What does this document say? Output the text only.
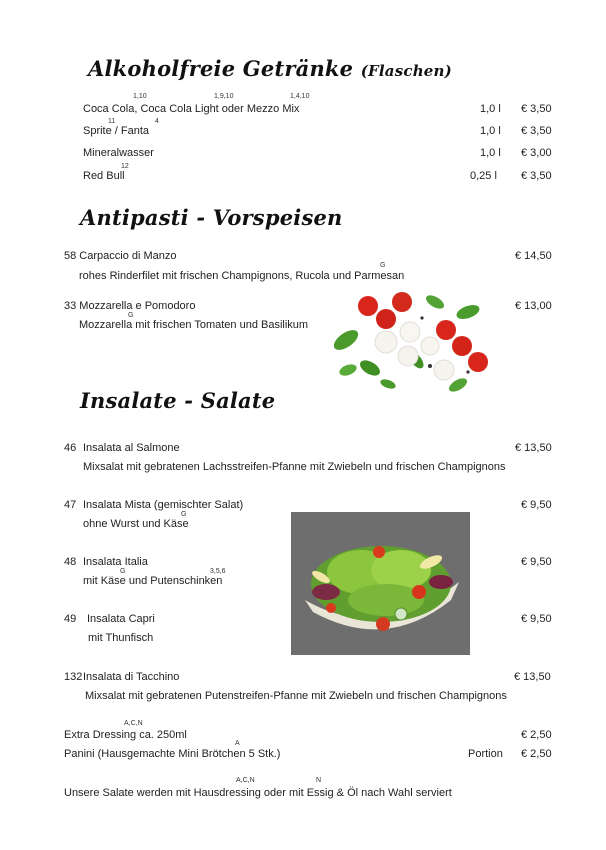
Alkoholfreie Getränke (Flaschen)
1,10	1,9,10	1,4,10
Coca Cola, Coca Cola Light oder Mezzo Mix	1,0 l € 3,50
11	4
Sprite / Fanta	1,0 l € 3,50
Mineralwasser	1,0 l € 3,00
12
Red Bull	0,25 l € 3,50
Antipasti - Vorspeisen
58 Carpaccio di Manzo	€ 14,50
G
rohes Rinderfilet mit frischen Champignons, Rucola und Parmesan
33 Mozzarella e Pomodoro	€ 13,00
G
Mozzarella mit frischen Tomaten und Basilikum
Insalate - Salate
46 Insalata al Salmone	€ 13,50
Mixsalat mit gebratenen Lachsstreifen-Pfanne mit Zwiebeln und frischen Champignons
47 Insalata Mista (gemischter Salat)	€ 9,50
G
ohne Wurst und Käse
48 Insalata Italia	€ 9,50
G	3,5,6
mit Käse und Putenschinken
49 Insalata Capri	€ 9,50
mit Thunfisch
132 Insalata di Tacchino	€ 13,50
Mixsalat mit gebratenen Putenstreifen-Pfanne mit Zwiebeln und frischen Champignons
A,C,N
Extra Dressing ca. 250ml	€ 2,50
A
Panini (Hausgemachte Mini Brötchen 5 Stk.)	Portion € 2,50
A,C,N	N
Unsere Salate werden mit Hausdressing oder mit Essig & Öl nach Wahl serviert
